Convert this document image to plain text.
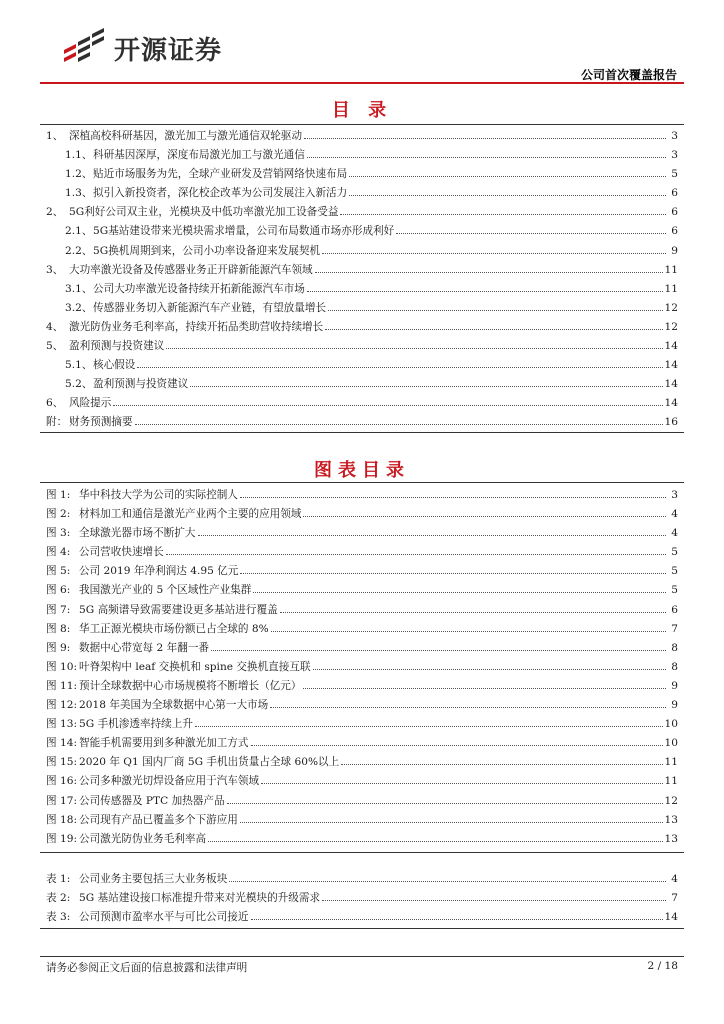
开源证券
公司首次覆盖报告
目 录
1、 深植高校科研基因，激光加工与激光通信双轮驱动	3
1.1、 科研基因深厚，深度布局激光加工与激光通信	3
1.2、 贴近市场服务为先，全球产业研发及营销网络快速布局	5
1.3、 拟引入新投资者，深化校企改革为公司发展注入新活力	6
2、 5G利好公司双主业，光模块及中低功率激光加工设备受益	6
2.1、 5G基站建设带来光模块需求增量，公司布局数通市场亦形成利好	6
2.2、 5G换机周期到来，公司小功率设备迎来发展契机	9
3、 大功率激光设备及传感器业务正开辟新能源汽车领域	11
3.1、 公司大功率激光设备持续开拓新能源汽车市场	11
3.2、 传感器业务切入新能源汽车产业链，有望放量增长	12
4、 激光防伪业务毛利率高，持续开拓品类助营收持续增长	12
5、 盈利预测与投资建议	14
5.1、 核心假设	14
5.2、 盈利预测与投资建议	14
6、 风险提示	14
附： 财务预测摘要	16
图表目录
图 1: 华中科技大学为公司的实际控制人	3
图 2: 材料加工和通信是激光产业两个主要的应用领域	4
图 3: 全球激光器市场不断扩大	4
图 4: 公司营收快速增长	5
图 5: 公司 2019 年净利润达 4.95 亿元	5
图 6: 我国激光产业的 5 个区域性产业集群	5
图 7: 5G 高频谱导致需要建设更多基站进行覆盖	6
图 8: 华工正源光模块市场份额已占全球的 8%	7
图 9: 数据中心带宽每 2 年翻一番	8
图 10: 叶脊架构中 leaf 交换机和 spine 交换机直接互联	8
图 11: 预计全球数据中心市场规模将不断增长（亿元）	9
图 12: 2018 年美国为全球数据中心第一大市场	9
图 13: 5G 手机渗透率持续上升	10
图 14: 智能手机需要用到多种激光加工方式	10
图 15: 2020 年 Q1 国内厂商 5G 手机出货量占全球 60%以上	11
图 16: 公司多种激光切焊设备应用于汽车领域	11
图 17: 公司传感器及 PTC 加热器产品	12
图 18: 公司现有产品已覆盖多个下游应用	13
图 19: 公司激光防伪业务毛利率高	13
表 1: 公司业务主要包括三大业务板块	4
表 2: 5G 基站建设接口标准提升带来对光模块的升级需求	7
表 3: 公司预测市盈率水平与可比公司接近	14
请务必参阅正文后面的信息披露和法律声明	2 / 18
